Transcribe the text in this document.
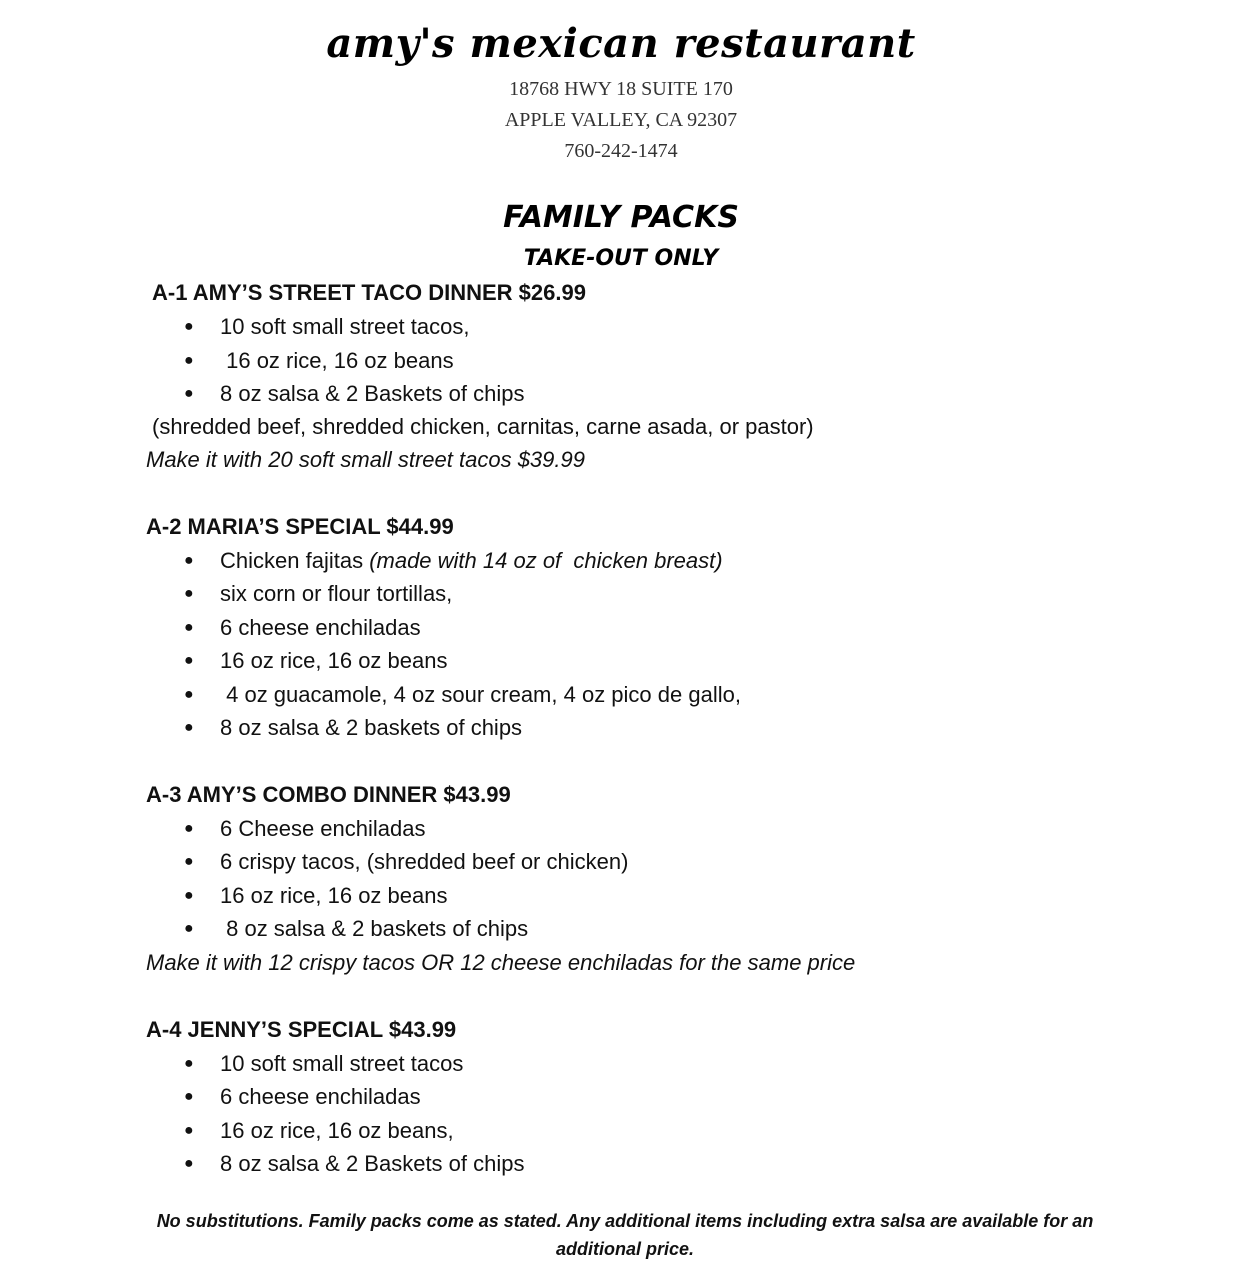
amy's mexican restaurant
18768 HWY 18 SUITE 170
APPLE VALLEY, CA 92307
760-242-1474
FAMILY PACKS
TAKE-OUT ONLY
A-1 AMY’S STREET TACO DINNER $26.99
● 10 soft small street tacos,
● 16 oz rice, 16 oz beans
● 8 oz salsa & 2 Baskets of chips
(shredded beef, shredded chicken, carnitas, carne asada, or pastor)
Make it with 20 soft small street tacos $39.99
A-2 MARIA’S SPECIAL $44.99
● Chicken fajitas (made with 14 oz of  chicken breast)
● six corn or flour tortillas,
● 6 cheese enchiladas
● 16 oz rice, 16 oz beans
● 4 oz guacamole, 4 oz sour cream, 4 oz pico de gallo,
● 8 oz salsa & 2 baskets of chips
A-3 AMY’S COMBO DINNER $43.99
● 6 Cheese enchiladas
● 6 crispy tacos, (shredded beef or chicken)
● 16 oz rice, 16 oz beans
● 8 oz salsa & 2 baskets of chips
Make it with 12 crispy tacos OR 12 cheese enchiladas for the same price
A-4 JENNY’S SPECIAL $43.99
● 10 soft small street tacos
● 6 cheese enchiladas
● 16 oz rice, 16 oz beans,
● 8 oz salsa & 2 Baskets of chips
No substitutions. Family packs come as stated. Any additional items including extra salsa are available for an additional price.
